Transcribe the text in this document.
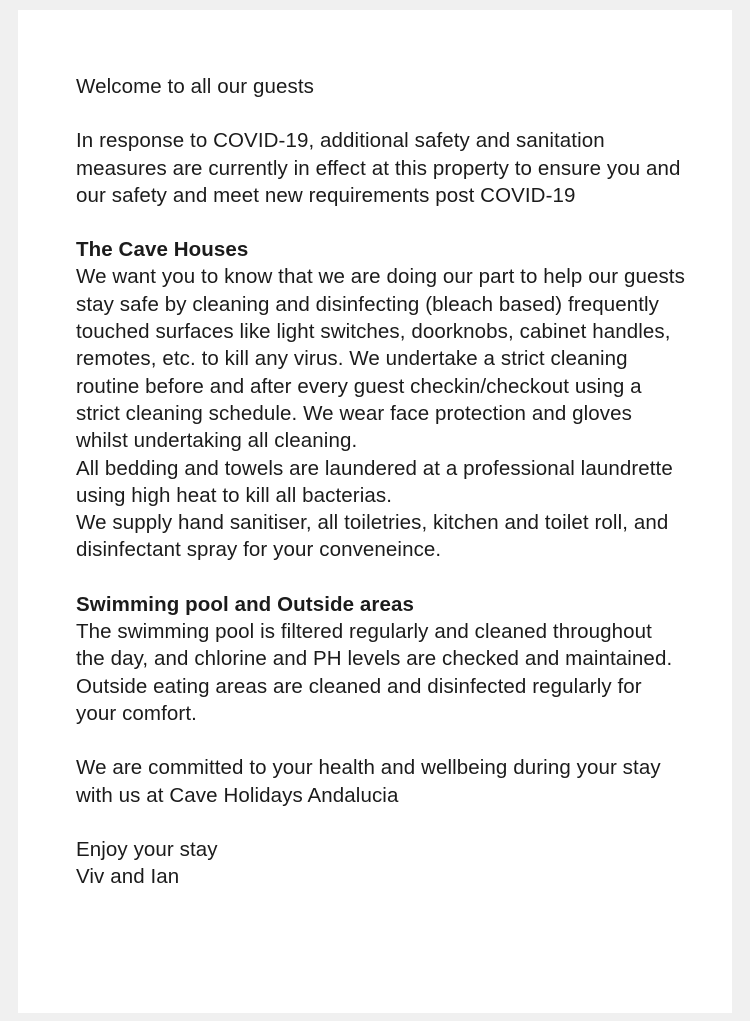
Welcome to all our guests

In response to COVID-19, additional safety and sanitation measures are currently in effect at this property to ensure you and our safety and meet new requirements post COVID-19

The Cave Houses

We want you to know that we are doing our part to help our guests stay safe by cleaning and disinfecting (bleach based) frequently touched surfaces like light switches, doorknobs, cabinet handles, remotes, etc. to kill any virus. We undertake a strict cleaning routine before and after every guest checkin/checkout using a strict cleaning schedule. We wear face protection and gloves whilst undertaking all cleaning.

All bedding and towels are laundered at a professional laundrette using high heat to kill all bacterias.

We supply hand sanitiser, all toiletries, kitchen and toilet roll, and disinfectant spray for your conveneince.

Swimming pool and Outside areas

The swimming pool is filtered regularly and cleaned throughout the day, and chlorine and PH levels are checked and maintained.

Outside eating areas are cleaned and disinfected regularly for your comfort.

We are committed to your health and wellbeing during your stay with us at Cave Holidays Andalucia

Enjoy your stay

Viv and Ian
